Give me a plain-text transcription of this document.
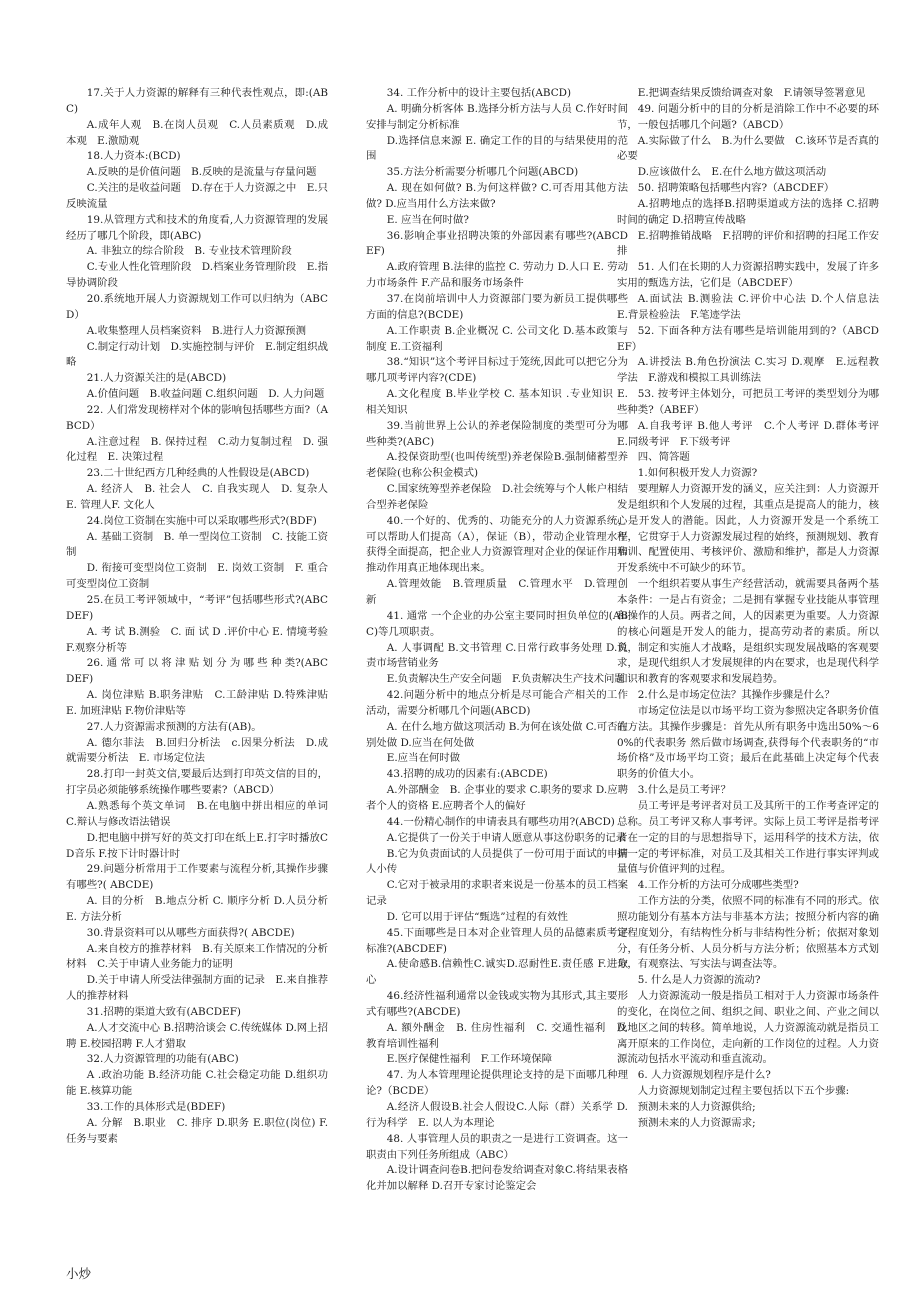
17.关于人力资源的解释有三种代表性观点，即:(ABC)

A.成年人观　B.在岗人员观　C.人员素质观　D.成本观　E.激励观

18.人力资本:(BCD)

A.反映的是价值问题　B.反映的是流量与存量问题

C.关注的是收益问题　D.存在于人力资源之中　E.只反映流量

19.从管理方式和技术的角度看,人力资源管理的发展经历了哪几个阶段，即(ABC)

A. 非独立的综合阶段　B. 专业技术管理阶段

C.专业人性化管理阶段　D.档案业务管理阶段　E.指导协调阶段

20.系统地开展人力资源规划工作可以归纳为（ABCD）

A.收集整理人员档案资料　B.进行人力资源预测

C.制定行动计划　D.实施控制与评价　E.制定组织战略

21.人力资源关注的是(ABCD)

A.价值问题　B.收益问题 C.组织问题　D. 人力问题

22. 人们常发现榜样对个体的影响包括哪些方面?（ABCD）

A.注意过程　B. 保持过程　C.动力复制过程　D. 强化过程　E. 决策过程

23.二十世纪西方几种经典的人性假设是(ABCD)

A. 经济人　B. 社会人　C. 自我实现人　D. 复杂人　E. 管理人F. 文化人

24.岗位工资制在实施中可以采取哪些形式?(BDF)

A. 基础工资制　B. 单一型岗位工资制　C. 技能工资制

D. 衔接可变型岗位工资制　E. 岗效工资制　F. 重合可变型岗位工资制

25.在员工考评领域中，“考评”包括哪些形式?(ABCDEF)

A. 考 试 B.测验　C. 面 试 D .评价中心 E. 情境考验 F.观察分析等

26. 通 常 可 以 将 津 贴 划 分 为 哪 些 种 类?(ABCDEF)

A. 岗位津贴 B.职务津贴　C.工龄津贴 D.特殊津贴　E. 加班津贴 F.物价津贴等

27.人力资源需求预测的方法有(AB)。

A. 德尔菲法　B.回归分析法　c.因果分析法　D.成就需要分析法　E. 市场定位法

28.打印一封英文信,要最后达到打印英文信的目的，打字员必须能够系统操作哪些要素?（ABCD）

A.熟悉每个英文单词　B.在电脑中拼出相应的单词 C.辩认与修改语法错误

D.把电脑中拼写好的英文打印在纸上E.打字时播放CD音乐 F.按下计时器计时

29.问题分析常用于工作要素与流程分析,其操作步骤有哪些?( ABCDE)

A. 目的分析　B.地点分析 C. 顺序分析 D.人员分析　E. 方法分析

30.背景资料可以从哪些方面获得?( ABCDE)

A.来自校方的推荐材料　B.有关原来工作情况的分析材料　C.关于申请人业务能力的证明

D.关于申请人所受法律强制方面的记录　E.来自推荐人的推荐材料

31.招聘的渠道大致有(ABCDEF)

A.人才交流中心 B.招聘洽谈会 C.传统媒体 D.网上招聘 E.校园招聘 F.人才猎取

32.人力资源管理的功能有(ABC)

A .政治功能 B.经济功能 C.社会稳定功能 D.组织功能 E.核算功能

33.工作的具体形式是(BDEF)

A. 分解　B.职业　C. 排序 D.职务 E.职位(岗位) F.任务与要素

34. 工作分析中的设计主要包括(ABCD)

A. 明确分析客体 B.选择分析方法与人员 C.作好时间安排与制定分析标准

D.选择信息来源 E. 确定工作的目的与结果使用的范围

35.方法分析需要分析哪几个问题(ABCD)

A. 现在如何做? B.为何这样做? C.可否用其他方法做? D.应当用什么方法来做?

E. 应当在何时做?

36.影响企事业招聘决策的外部因素有哪些?(ABCDEF)

A.政府管理 B.法律的监控 C. 劳动力 D.人口 E. 劳动力市场条件 F.产品和服务市场条件

37.在岗前培训中人力资源部门要为新员工提供哪些方面的信息?(BCDE)

A.工作职责 B.企业概况 C. 公司文化 D.基本政策与制度 E.工资福利

38.“知识”这个考评目标过于笼统,因此可以把它分为哪几项考评内容?(CDE)

A.文化程度 B.毕业学校 C. 基本知识 .专业知识 E. 相关知识

39.当前世界上公认的养老保险制度的类型可分为哪些种类?(ABC)

A.投保资助型(也叫传统型)养老保险B.强制储蓄型养老保险(也称公积金模式)

C.国家统筹型养老保险　D.社会统筹与个人帐户相结合型养老保险

40.一个好的、优秀的、功能充分的人力资源系统，可以帮助人们提高（A），保证（B），带动企业管理水平获得全面提高，把企业人力资源管理对企业的保证作用和推动作用真正地体现出来。

A.管理效能　B.管理质量　C.管理水平　D.管理创新

41. 通常 一个企业的办公室主要同时担负单位的(ABC)等几项职责。

A. 人事调配 B.文书管理 C.日常行政事务处理 D.负责市场营销业务

E.负责解决生产安全问题　F.负责解决生产技术问题

42.问题分析中的地点分析是尽可能合产相关的工作活动，需要分析哪几个问题(ABCD)

A. 在什么地方做这项活动 B.为何在该处做 C.可否在别处做 D.应当在何处做

E.应当在何时做

43.招聘的成功的因素有:(ABCDE)

A.外部酬金　B. 企事业的要求 C.职务的要求 D.应聘者个人的资格 E.应聘者个人的偏好

44.一份精心制作的申请表具有哪些功用?(ABCD)

A.它提供了一份关于申请人愿意从事这份职务的记录

B.它为负责面试的人员提供了一份可用于面试的申请人小传

C.它对于被录用的求职者来说是一份基本的员工档案记录

D. 它可以用于评估“甄选”过程的有效性

45.下面哪些是日本对企业管理人员的品德素质考评标准?(ABCDEF)

A.使命感B.信赖性C.诚实D.忍耐性E.责任感 F.进取心

46.经济性福利通常以金钱或实物为其形式,其主要形式有哪些?(ABCDE)

A. 额外酬金　B. 住房性福利　C. 交通性福利　D. 教育培训性福利

E.医疗保健性福利　F.工作环境保障

47. 为人本管理理论提供理论支持的是下面哪几种理论?（BCDE）

A.经济人假设B.社会人假设C.人际（群）关系学 D.行为科学　E. 以人为本理论

48. 人事管理人员的职责之一是进行工资调查。这一职责由下列任务所组成（ABC）

A.设计调查问卷B.把问卷发给调查对象C.将结果表格化并加以解释 D.召开专家讨论鉴定会

E.把调查结果反馈给调查对象　F.请领导签署意见

49. 问题分析中的目的分析是消除工作中不必要的环节，一般包括哪几个问题?（ABCD）

A.实际做了什么　B.为什么要做　C.该环节是否真的必要

D.应该做什么　E.在什么地方做这项活动

50. 招聘策略包括哪些内容?（ABCDEF）

A.招聘地点的选择B.招聘渠道或方法的选择 C.招聘时间的确定 D.招聘宣传战略

E.招聘推销战略　F.招聘的评价和招聘的扫尾工作安排

51. 人们在长期的人力资源招聘实践中，发展了许多实用的甄选方法，它们是（ABCDEF）

A.面试法 B.测验法 C.评价中心法 D.个人信息法　E.背景检验法　F.笔迹学法

52. 下面各种方法有哪些是培训能用到的?（ABCDEF）

A.讲授法 B.角色扮演法 C.实习 D.观摩　E.远程教学法　F.游戏和模拟工具训练法

53. 按考评主体划分，可把员工考评的类型划分为哪些种类?（ABEF）

A.自我考评 B.他人考评　C.个人考评 D.群体考评　E.同级考评　F.下级考评

四、简答题

1.如何积极开发人力资源?

要理解人力资源开发的涵义，应关注到：人力资源开发是组织和个人发展的过程，其重点是提高人的能力，核心是开发人的潜能。因此，人力资源开发是一个系统工程，它贯穿于人力资源发展过程的始终，预测规划、教育培训、配置使用、考核评价、激励和维护，都是人力资源开发系统中不可缺少的环节。

一个组织若要从事生产经营活动，就需要具备两个基本条件：一是占有资金；二是拥有掌握专业技能从事管理和操作的人员。两者之间，人的因素更为重要。人力资源的核心问题是开发人的能力，提高劳动者的素质。所以说，制定和实施人才战略，是组织实现发展战略的客观要求，是现代组织人才发展规律的内在要求，也是现代科学知识和教育的客观要求和发展趋势。

2.什么是市场定位法？其操作步骤是什么？

市场定位法是以市场平均工资为参照决定各职务价值的方法。其操作步骤是：首先从所有职务中选出50%～60%的代表职务 然后做市场调查,获得每个代表职务的“市场价格”及市场平均工资；最后在此基础上决定每个代表职务的价值大小。

3.什么是员工考评？

员工考评是考评者对员工及其所干的工作考查评定的总称。员工考评又称人事考评。实际上员工考评是指考评者在一定的目的与思想指导下，运用科学的技术方法，依据一定的考评标准，对员工及其相关工作进行事实评判或量值与价值评判的过程。

4.工作分析的方法可分成哪些类型?

工作方法的分类，依照不同的标准有不同的形式。依照功能划分有基本方法与非基本方法；按照分析内容的确定程度划分，有结构性分析与非结构性分析；依据对象划分，有任务分析、人员分析与方法分析；依照基本方式划分，有观察法、写实法与调查法等。

5. 什么是人力资源的流动?

人力资源流动一般是指员工相对于人力资源市场条件的变化，在岗位之间、组织之间、职业之间、产业之间以及地区之间的转移。简单地说，人力资源流动就是指员工离开原来的工作岗位，走向新的工作岗位的过程。人力资源流动包括水平流动和垂直流动。

6. 人力资源规划程序是什么?

人力资源规划制定过程主要包括以下五个步骤:

预测未来的人力资源供给;

预测未来的人力资源需求;

小炒
